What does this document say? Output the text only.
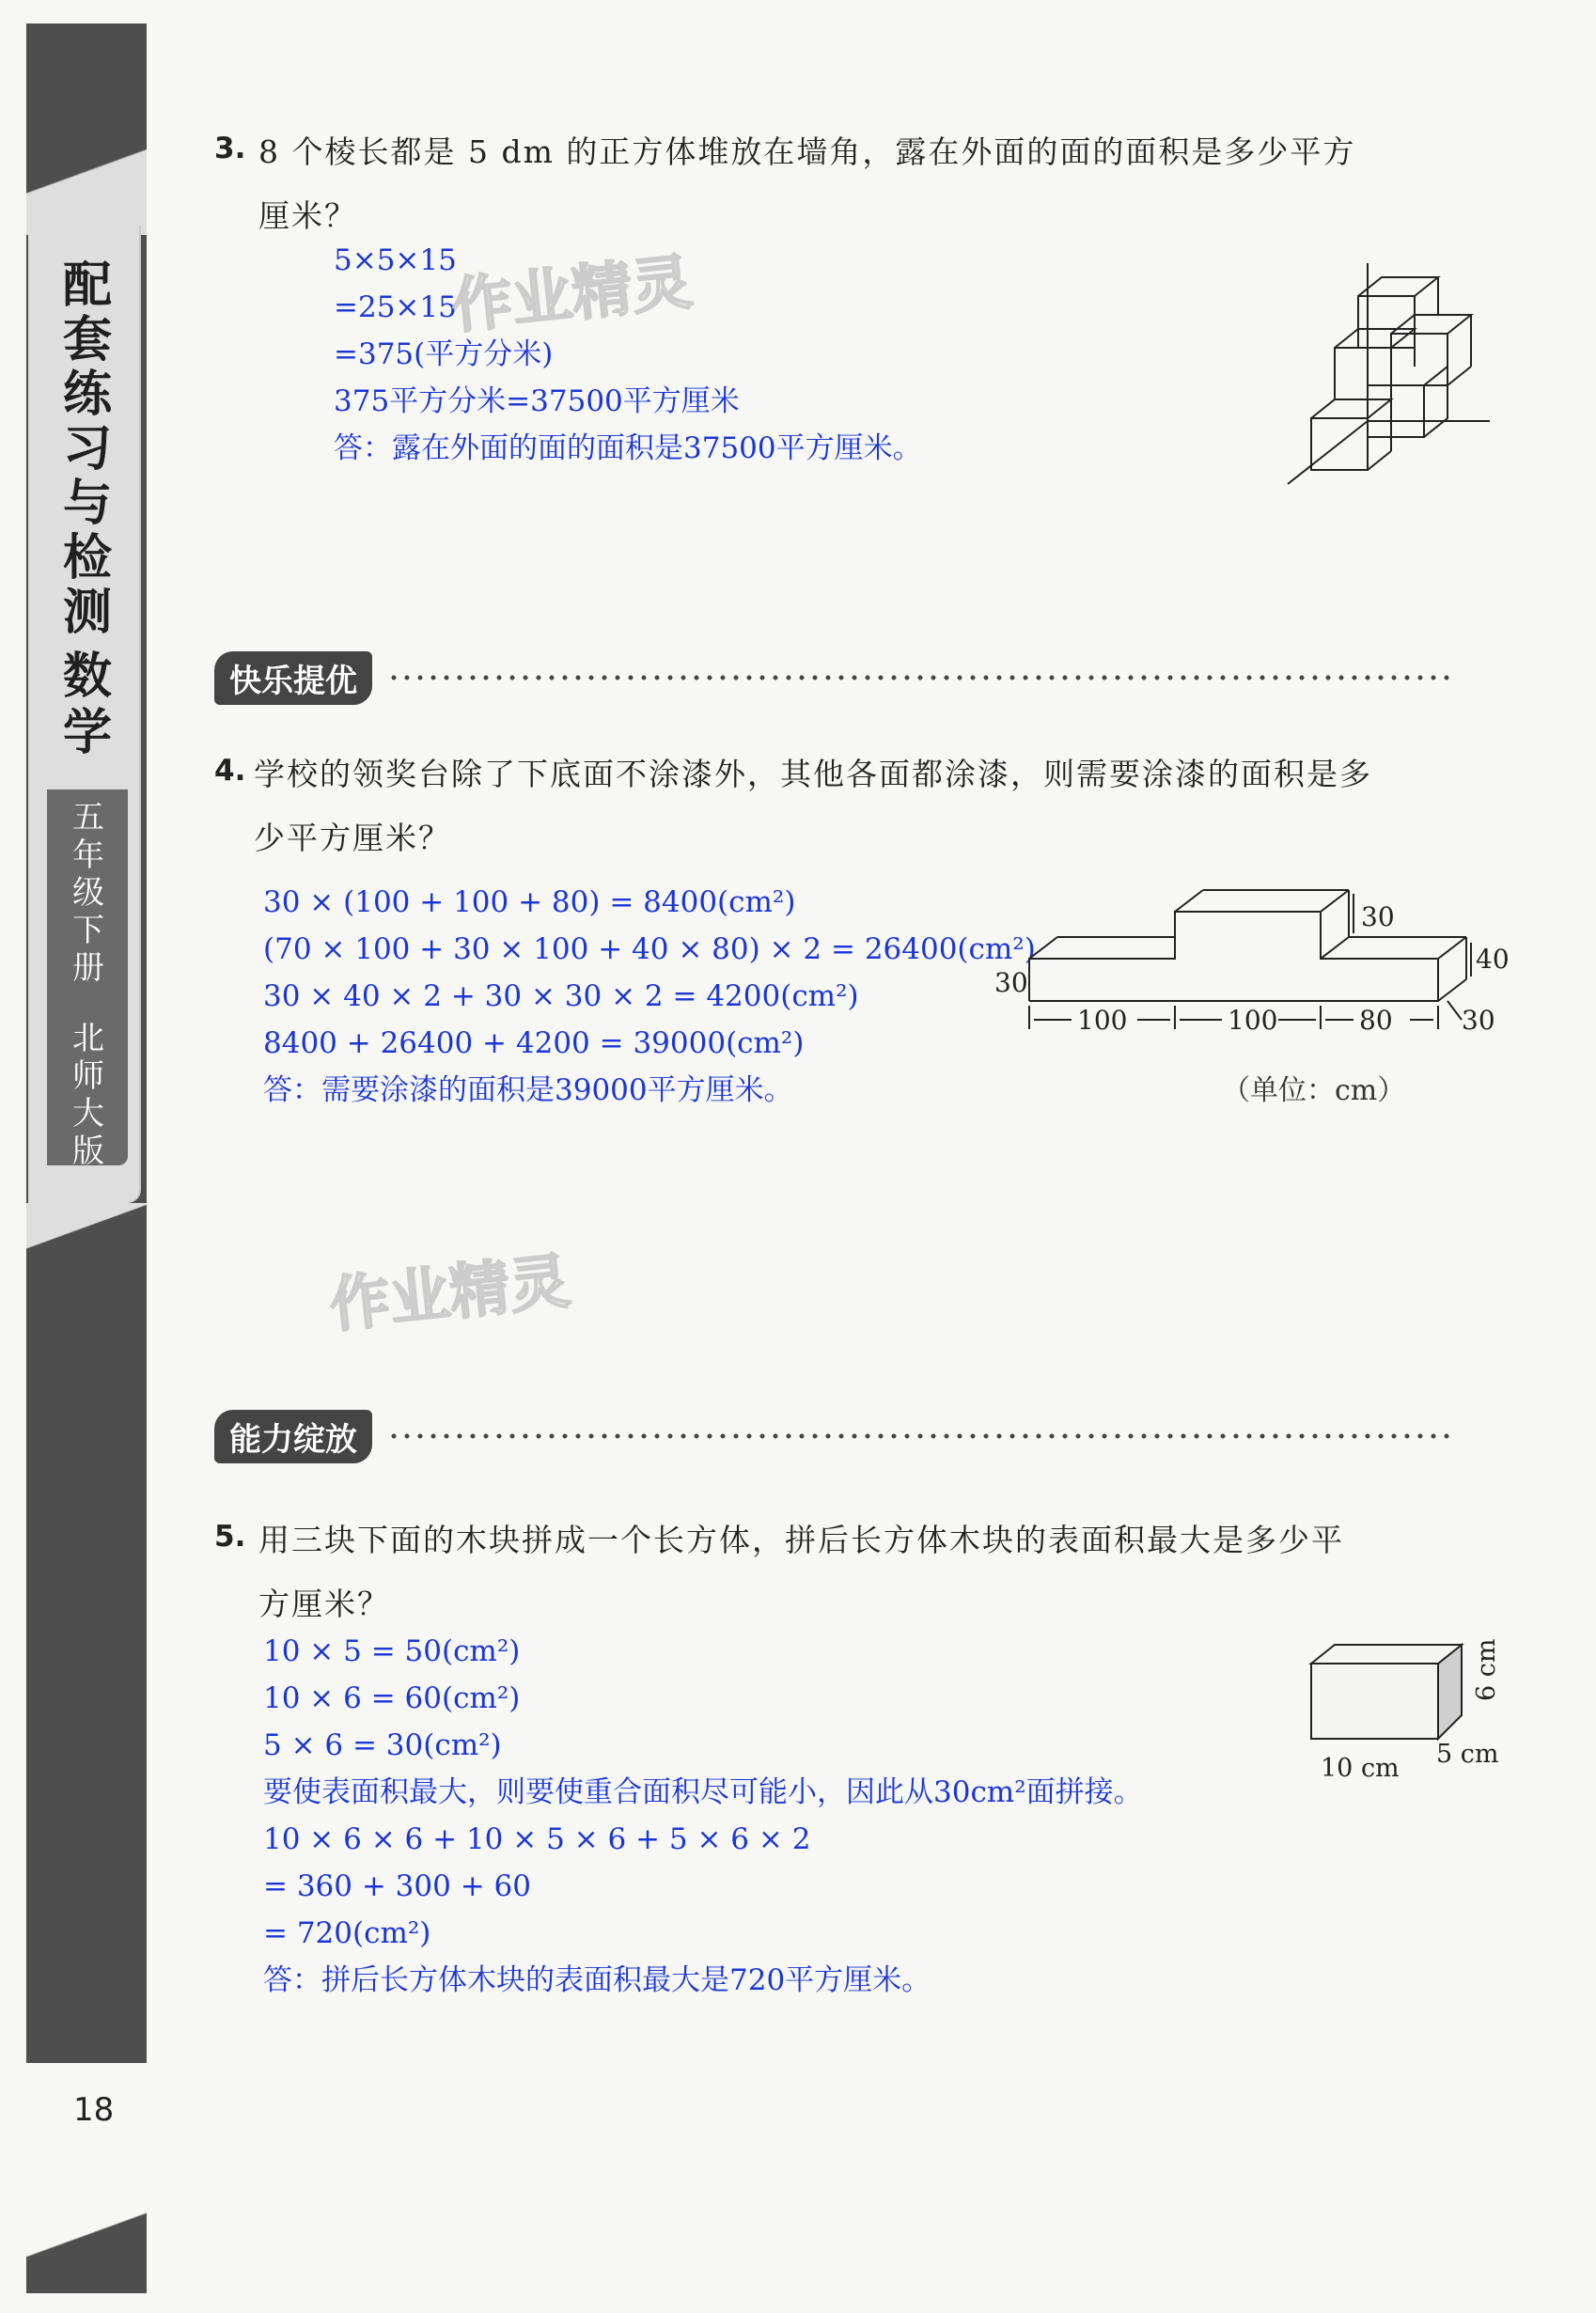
配套练习与检测
数学
五年级下册
北师大版
18
3. 8 个棱长都是 5 dm 的正方体堆放在墙角，露在外面的面的面积是多少平方
厘米？
5×5×15
=25×15
=375(平方分米)
375平方分米=37500平方厘米
答：露在外面的面的面积是37500平方厘米。
作业精灵
快乐提优
4. 学校的领奖台除了下底面不涂漆外，其他各面都涂漆，则需要涂漆的面积是多
少平方厘米？
30 × (100 + 100 + 80) = 8400(cm²)
(70 × 100 + 30 × 100 + 40 × 80) × 2 = 26400(cm²)
30 × 40 × 2 + 30 × 30 × 2 = 4200(cm²)
8400 + 26400 + 4200 = 39000(cm²)
答：需要涂漆的面积是39000平方厘米。
30
30
40
100	100	80	30
（单位：cm）
作业精灵
能力绽放
5. 用三块下面的木块拼成一个长方体，拼后长方体木块的表面积最大是多少平
方厘米？
10 × 5 = 50(cm²)
10 × 6 = 60(cm²)
5 × 6 = 30(cm²)
要使表面积最大，则要使重合面积尽可能小，因此从30cm²面拼接。
10 × 6 × 6 + 10 × 5 × 6 + 5 × 6 × 2
= 360 + 300 + 60
= 720(cm²)
答：拼后长方体木块的表面积最大是720平方厘米。
10 cm 5 cm
6 cm
